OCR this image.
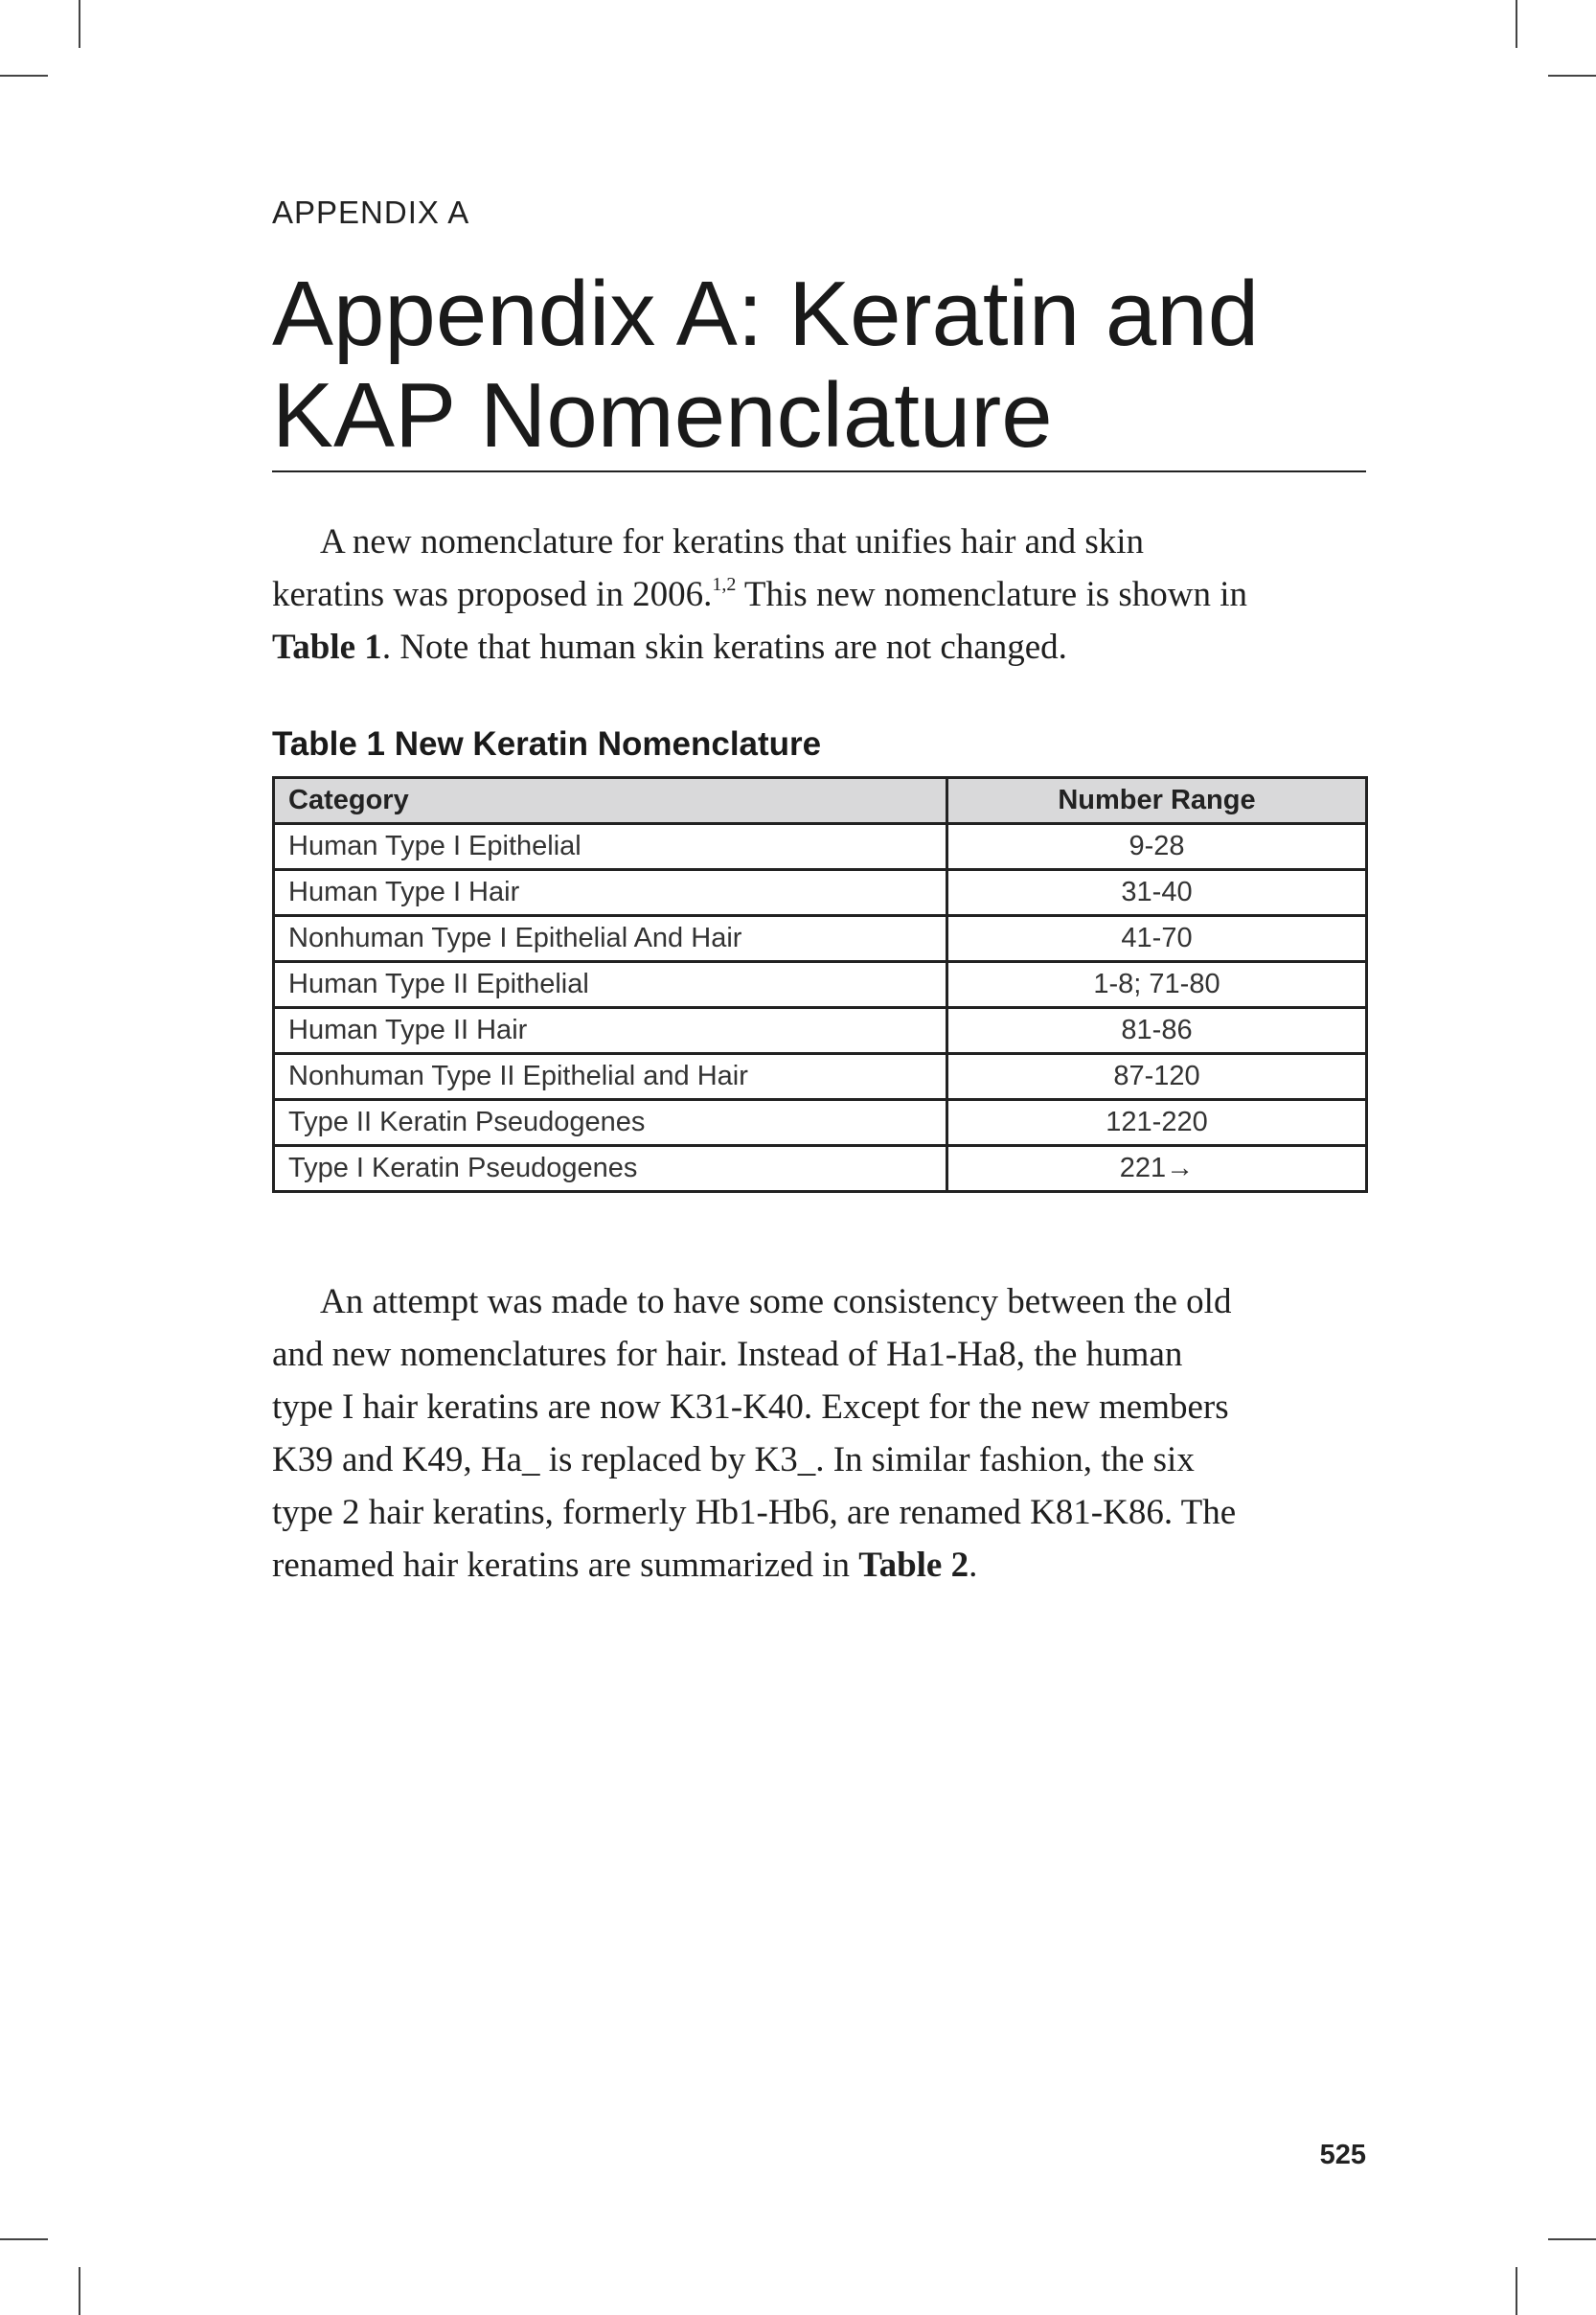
APPENDIX A
Appendix A: Keratin and
KAP Nomenclature

A new nomenclature for keratins that unifies hair and skin
keratins was proposed in 2006.$^{1,2}$ This new nomenclature is shown in
Table 1. Note that human skin keratins are not changed.

Table 1 New Keratin Nomenclature
Category	Number Range
Human Type I Epithelial	9-28
Human Type I Hair	31-40
Nonhuman Type I Epithelial And Hair	41-70
Human Type II Epithelial	1-8; 71-80
Human Type II Hair	81-86
Nonhuman Type II Epithelial and Hair	87-120
Type II Keratin Pseudogenes	121-220
Type I Keratin Pseudogenes	221→

An attempt was made to have some consistency between the old
and new nomenclatures for hair. Instead of Ha1-Ha8, the human
type I hair keratins are now K31-K40. Except for the new members
K39 and K49, Ha_ is replaced by K3_. In similar fashion, the six
type 2 hair keratins, formerly Hb1-Hb6, are renamed K81-K86. The
renamed hair keratins are summarized in Table 2.

525
